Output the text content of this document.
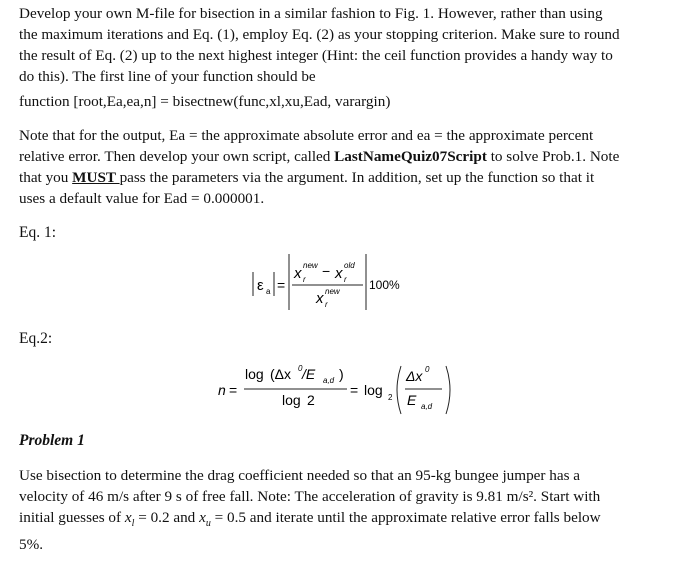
Develop your own M-file for bisection in a similar fashion to Fig. 1. However, rather than using
the maximum iterations and Eq. (1), employ Eq. (2) as your stopping criterion. Make sure to round
the result of Eq. (2) up to the next highest integer (Hint: the ceil function provides a handy way to
do this). The first line of your function should be
function [root,Ea,ea,n] = bisectnew(func,xl,xu,Ead, varargin)
Note that for the output, Ea = the approximate absolute error and ea = the approximate percent
relative error. Then develop your own script, called LastNameQuiz07Script to solve Prob.1. Note
that you MUST pass the parameters via the argument. In addition, set up the function so that it
uses a default value for Ead = 0.000001.
Eq. 1:
ε a =
x new
r
− x old
r
x new
r
100%
Eq.2:
n =
log (Δx 0 /E a,d )
log 2
= log 2
Δx 0
E a,d
Problem 1
Use bisection to determine the drag coefficient needed so that an 95-kg bungee jumper has a
velocity of 46 m/s after 9 s of free fall. Note: The acceleration of gravity is 9.81 m/s². Start with
initial guesses of $x_l = 0.2$ and $x_u = 0.5$ and iterate until the approximate relative error falls below
5%.
